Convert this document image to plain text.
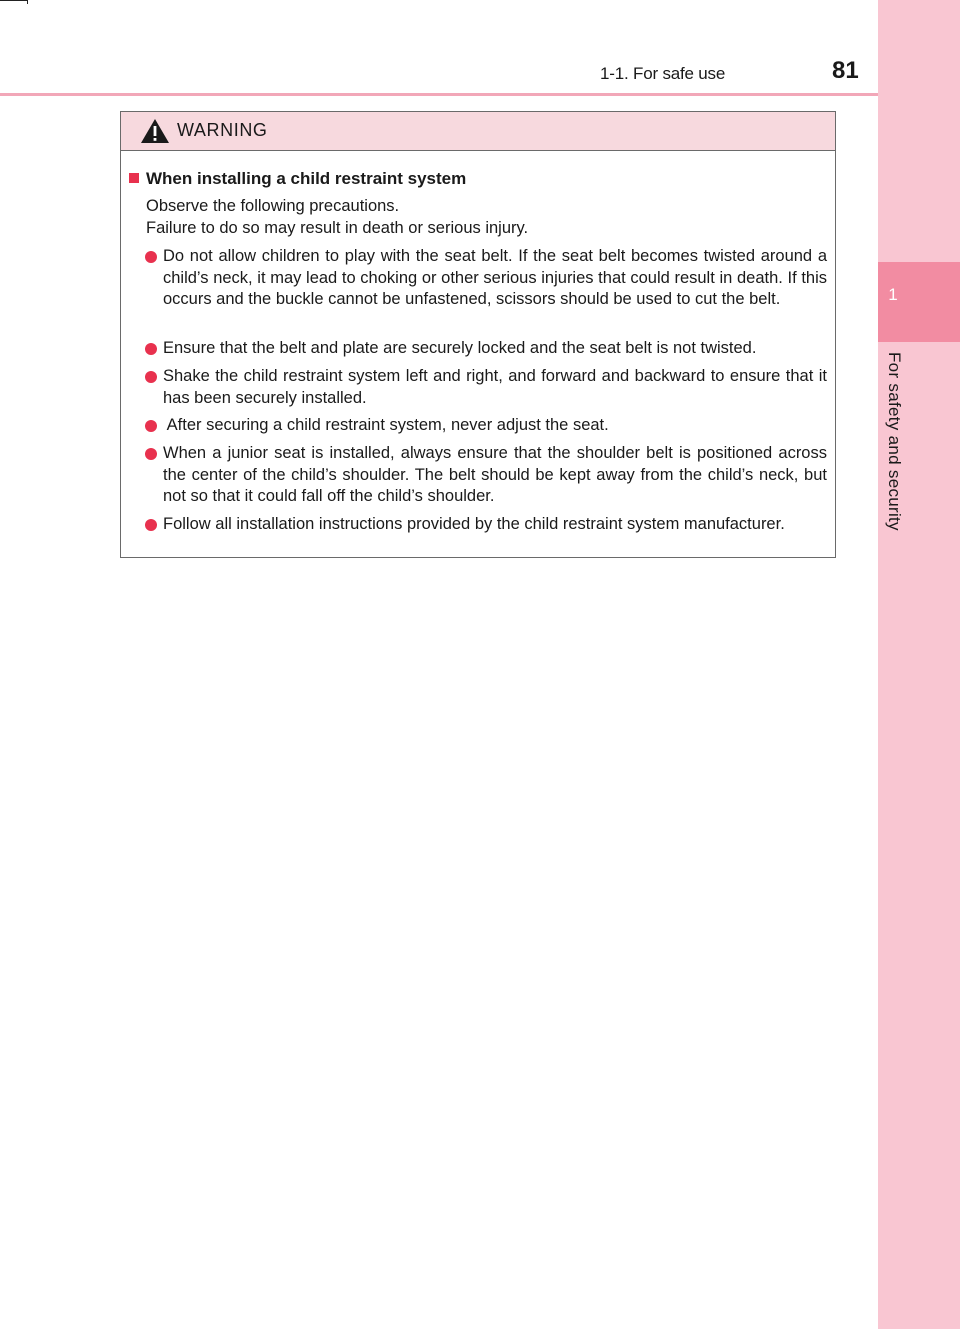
1
For safety and security
1-1. For safe use	81
WARNING
When installing a child restraint system
Observe the following precautions.
Failure to do so may result in death or serious injury.
Do not allow children to play with the seat belt. If the seat belt becomes twisted around a child’s neck, it may lead to choking or other serious injuries that could result in death. If this occurs and the buckle cannot be unfastened, scissors should be used to cut the belt.
Ensure that the belt and plate are securely locked and the seat belt is not twisted.
Shake the child restraint system left and right, and forward and backward to ensure that it has been securely installed.
After securing a child restraint system, never adjust the seat.
When a junior seat is installed, always ensure that the shoulder belt is positioned across the center of the child’s shoulder. The belt should be kept away from the child’s neck, but not so that it could fall off the child’s shoulder.
Follow all installation instructions provided by the child restraint system manufacturer.
